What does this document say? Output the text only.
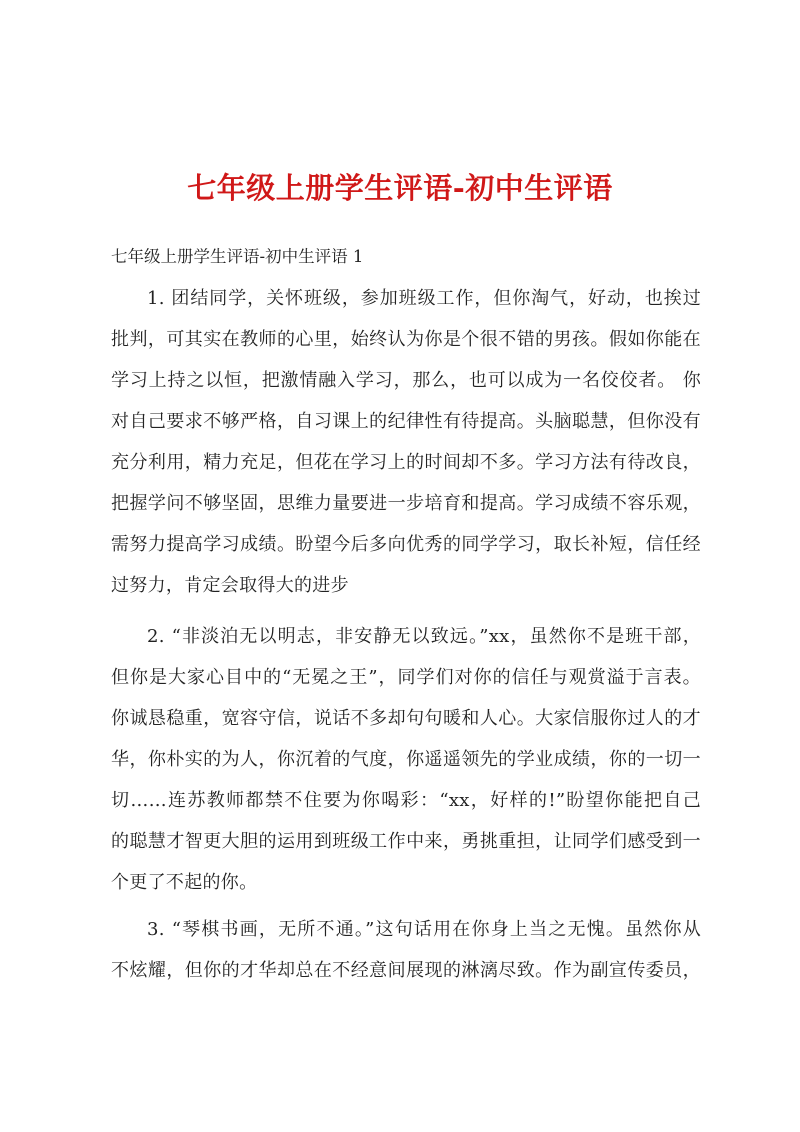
七年级上册学生评语-初中生评语
七年级上册学生评语-初中生评语 1
1. 团结同学，关怀班级，参加班级工作，但你淘气，好动，也挨过
批判，可其实在教师的心里，始终认为你是个很不错的男孩。假如你能在
学习上持之以恒，把激情融入学习，那么，也可以成为一名佼佼者。 你
对自己要求不够严格，自习课上的纪律性有待提高。头脑聪慧，但你没有
充分利用，精力充足，但花在学习上的时间却不多。学习方法有待改良，
把握学问不够坚固，思维力量要进一步培育和提高。学习成绩不容乐观，
需努力提高学习成绩。盼望今后多向优秀的同学学习，取长补短，信任经
过努力，肯定会取得大的进步
2. “非淡泊无以明志，非安静无以致远。”xx，虽然你不是班干部，
但你是大家心目中的“无冕之王”，同学们对你的信任与观赏溢于言表。
你诚恳稳重，宽容守信，说话不多却句句暖和人心。大家信服你过人的才
华，你朴实的为人，你沉着的气度，你遥遥领先的学业成绩，你的一切一
切……连苏教师都禁不住要为你喝彩：“xx，好样的!”盼望你能把自己
的聪慧才智更大胆的运用到班级工作中来，勇挑重担，让同学们感受到一
个更了不起的你。
3. “琴棋书画，无所不通。”这句话用在你身上当之无愧。虽然你从
不炫耀，但你的才华却总在不经意间展现的淋漓尽致。作为副宣传委员，
